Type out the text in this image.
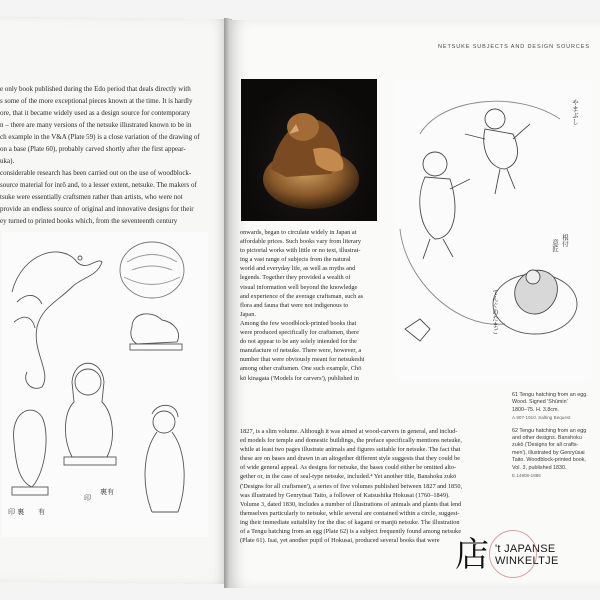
NETSUKE SUBJECTS AND DESIGN SOURCES

e only book published during the Edo period that deals directly with

s some of the more exceptional pieces known at the time. It is hardly

ore, that it became widely used as a design source for contemporary

n – there are many versions of the netsuke illustrated known to be in

ch example in the V&A (Plate 59) is a close variation of the drawing of

on a base (Plate 60), probably carved shortly after the first appear-

uka).

considerable research has been carried out on the use of woodblock-

source material for inrō and, to a lesser extent, netsuke. The makers of

tsuke were essentially craftsmen rather than artists, who were not

provide an endless source of original and innovative designs for their

ey turned to printed books which, from the seventeenth century

裏有
印
印 裏 有
やまぶし
根付
意匠
てんぐのたまご

onwards, began to circulate widely in Japan at

affordable prices. Such books vary from literary

to pictorial works with little or no text, illustrat-

ing a vast range of subjects from the natural

world and everyday life, as well as myths and

legends. Together they provided a wealth of

visual information well beyond the knowledge

and experience of the average craftsman, such as

flora and fauna that were not indigenous to

Japan.

Among the few woodblock-printed books that

were produced specifically for craftsmen, there

do not appear to be any solely intended for the

manufacture of netsuke. There were, however, a

number that were obviously meant for netsukeshi

among other craftsmen. One such example, Chō

kō kinagata ('Models for carvers'), published in

1827, is a slim volume. Although it was aimed at wood-carvers in general, and includ-

ed models for temple and domestic buildings, the preface specifically mentions netsuke,

while at least two pages illustrate animals and figures suitable for netsuke. The fact that

these are on bases and drawn in an altogether different style suggests that they could be

of wide general appeal. As designs for netsuke, the bases could either be omitted alto-

gether or, in the case of seal-type netsuke, included.⁴ Yet another title, Banshoku zukō

('Designs for all craftsmen'), a series of five volumes published between 1827 and 1850,

was illustrated by Genryūsai Taito, a follower of Katsushika Hokusai (1760–1849).

Volume 3, dated 1830, includes a number of illustrations of animals and plants that lend

themselves particularly to netsuke, while several are contained within a circle, suggest-

ing their immediate suitability for the disc of kagami or manjū netsuke. The illustration

of a Tengu hatching from an egg (Plate 62) is a subject frequently found among netsuke

(Plate 61). Isai, yet another pupil of Hokusai, produced several books that were

61 Tengu hatching from an egg. Wood. Signed 'Shūmin'
1800–75. H. 3.8cm.
A.907-1910. Salting Bequest
62 Tengu hatching from an egg and other designs. Banshoku zukō ('Designs for all crafts-men'), illustrated by Genryūsai Taito. Woodblock-printed book, Vol. 3, published 1830.
E.14808-1886
店 't JAPANSE WINKELTJE
